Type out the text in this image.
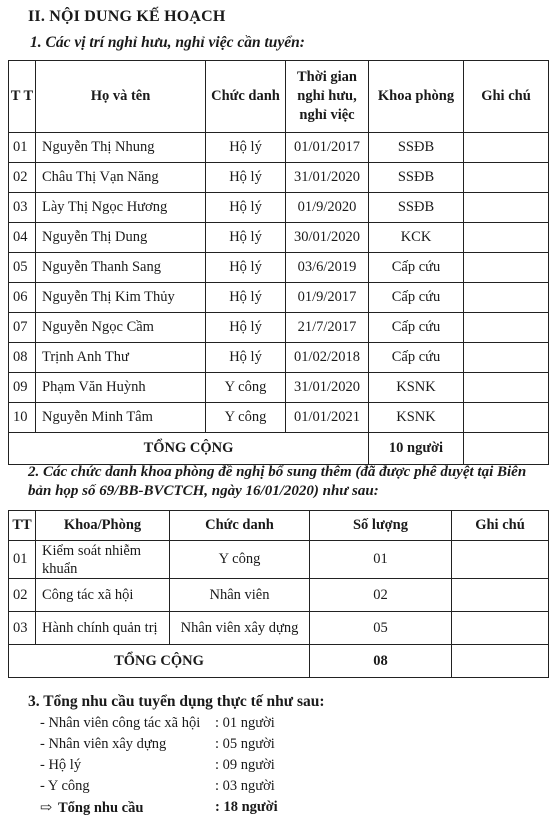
II. NỘI DUNG KẾ HOẠCH
1. Các vị trí nghỉ hưu, nghỉ việc cần tuyển:
T T	Họ và tên	Chức danh	Thời gian nghỉ hưu, nghỉ việc	Khoa phòng	Ghi chú
01	Nguyễn Thị Nhung	Hộ lý	01/01/2017	SSĐB	
02	Châu Thị Vạn Năng	Hộ lý	31/01/2020	SSĐB	
03	Lày Thị Ngọc Hương	Hộ lý	01/9/2020	SSĐB	
04	Nguyễn Thị Dung	Hộ lý	30/01/2020	KCK	
05	Nguyễn Thanh Sang	Hộ lý	03/6/2019	Cấp cứu	
06	Nguyễn Thị Kim Thủy	Hộ lý	01/9/2017	Cấp cứu	
07	Nguyễn Ngọc Cầm	Hộ lý	21/7/2017	Cấp cứu	
08	Trịnh Anh Thư	Hộ lý	01/02/2018	Cấp cứu	
09	Phạm Văn Huỳnh	Y công	31/01/2020	KSNK	
10	Nguyễn Minh Tâm	Y công	01/01/2021	KSNK	
TỔNG CỘNG				10 người	
2. Các chức danh khoa phòng đề nghị bổ sung thêm (đã được phê duyệt tại Biên bản họp số 69/BB-BVCTCH, ngày 16/01/2020) như sau:
TT	Khoa/Phòng	Chức danh	Số lượng	Ghi chú
01	Kiểm soát nhiễm khuẩn	Y công	01	
02	Công tác xã hội	Nhân viên	02	
03	Hành chính quản trị	Nhân viên xây dựng	05	
TỔNG CỘNG			08	
3. Tổng nhu cầu tuyển dụng thực tế như sau:
- Nhân viên công tác xã hội	: 01 người
- Nhân viên xây dựng	: 05 người
- Hộ lý	: 09 người
- Y công	: 03 người
⇨ Tổng nhu cầu	: 18 người
